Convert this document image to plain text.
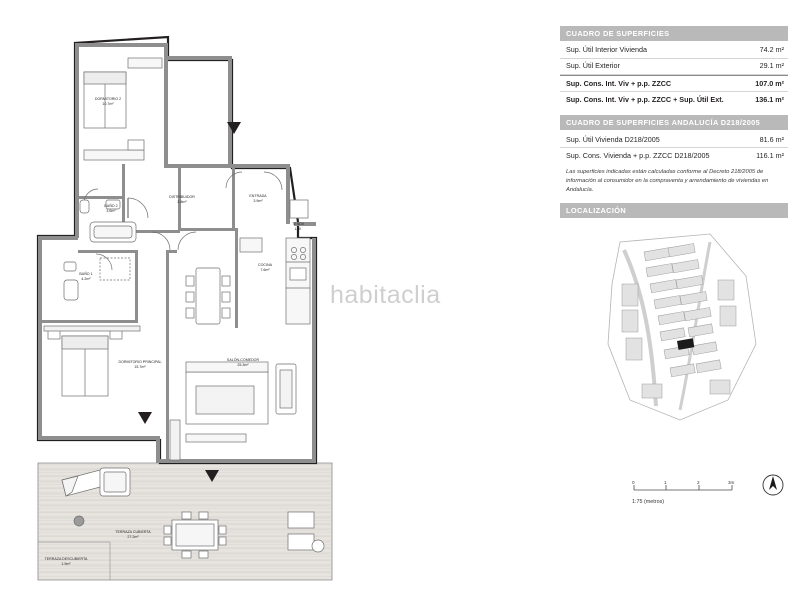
DORMITORIO 2
10.7m²
BAÑO 2
3.6m²
DISTRIBUIDOR
3.8m²
ENTRADA
3.9m²
TENDI/
LAV
BAÑO 1
4.2m²
COCINA
7.6m²
DORMITORIO PRINCIPAL
15.7m²
SALÓN-COMEDOR
25.3m²
TERRAZA CUBIERTA
27.2m²
TERRAZA DESCUBIERTA
1.9m²
habitaclia
CUADRO DE SUPERFICIES
Sup. Útil Interior Vivienda	74.2 m²
Sup. Útil Exterior	29.1 m²
Sup. Cons. Int. Viv + p.p. ZZCC	107.0 m²
Sup. Cons. Int. Viv + p.p. ZZCC + Sup. Útil Ext.	136.1 m²
CUADRO DE SUPERFICIES ANDALUCÍA D218/2005
Sup. Útil Vivienda D218/2005	81.6 m²
Sup. Cons. Vivienda + p.p. ZZCC D218/2005	116.1 m²
Las superficies indicadas están calculadas conforme al Decreto 218/2005 de información al consumidor en la compraventa y arrendamiento de viviendas en Andalucía.
LOCALIZACIÓN
0	1	2	3m
1:75 (metros)
